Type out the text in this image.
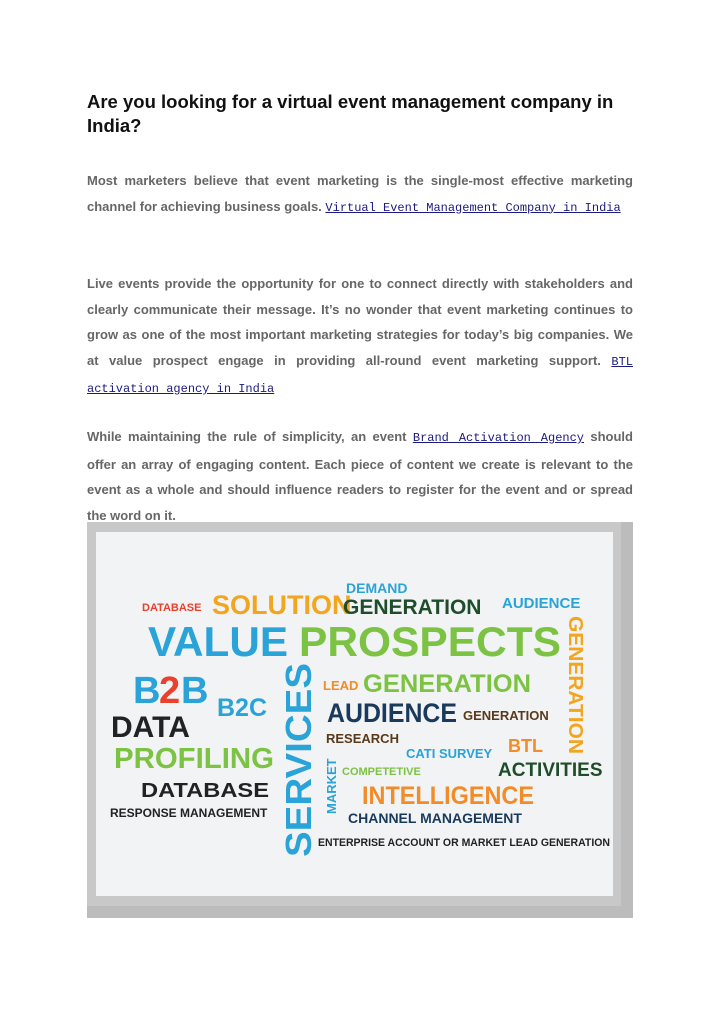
Are you looking for a virtual event management company in India?

Most marketers believe that event marketing is the single-most effective marketing channel for achieving business goals. Virtual Event Management Company in India

Live events provide the opportunity for one to connect directly with stakeholders and clearly communicate their message. It’s no wonder that event marketing continues to grow as one of the most important marketing strategies for today’s big companies. We at value prospect engage in providing all-round event marketing support. BTL activation agency in India

While maintaining the rule of simplicity, an event Brand Activation Agency should offer an array of engaging content. Each piece of content we create is relevant to the event as a whole and should influence readers to register for the event and or spread the word on it.

DEMAND
DATABASE SOLUTION
GENERATION AUDIENCE
VALUE PROSPECTS GENERATION
B
2 B B2C SERVICES LEAD GENERATION
DATA	AUDIENCE GENERATION
RESEARCH	BTL
PROFILING	MARKET
CATI SURVEY
COMPETETIVE	ACTIVITIES
DATABASE	INTELLIGENCE
RESPONSE MANAGEMENT	CHANNEL MANAGEMENT
ENTERPRISE ACCOUNT OR MARKET LEAD GENERATION
